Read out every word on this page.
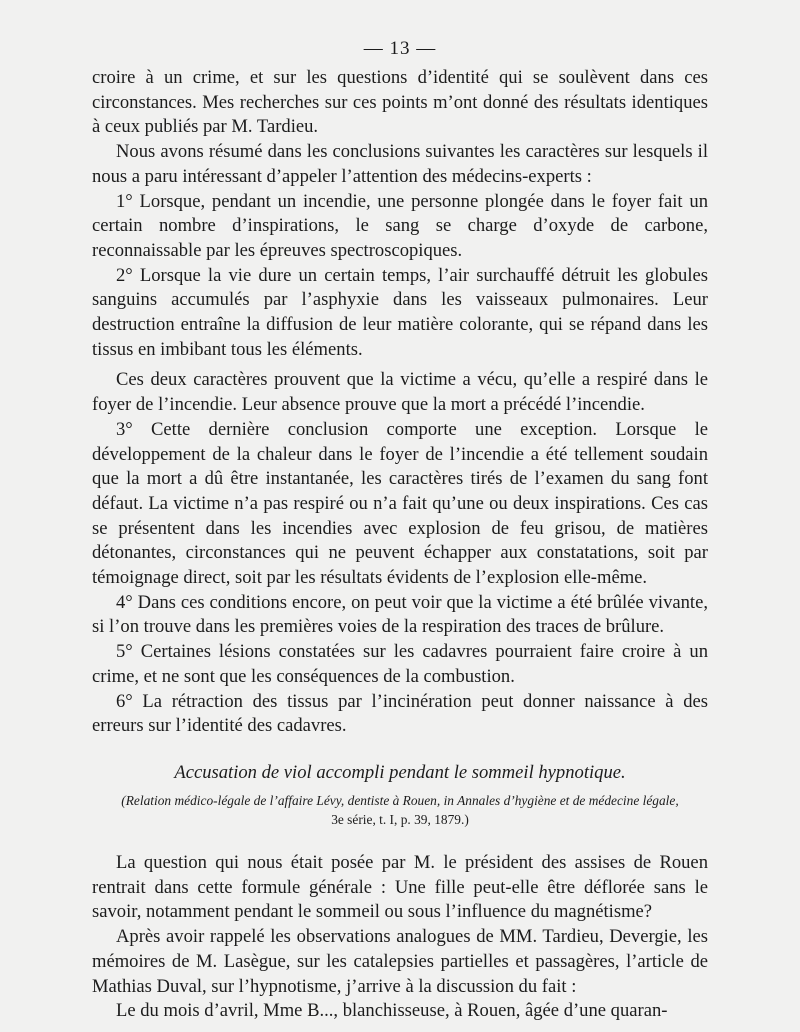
— 13 —

croire à un crime, et sur les questions d’identité qui se soulèvent dans ces circonstances. Mes recherches sur ces points m’ont donné des résultats identiques à ceux publiés par M. Tardieu.

Nous avons résumé dans les conclusions suivantes les caractères sur lesquels il nous a paru intéressant d’appeler l’attention des médecins-experts :

1° Lorsque, pendant un incendie, une personne plongée dans le foyer fait un certain nombre d’inspirations, le sang se charge d’oxyde de carbone, reconnaissable par les épreuves spectroscopiques.

2° Lorsque la vie dure un certain temps, l’air surchauffé détruit les globules sanguins accumulés par l’asphyxie dans les vaisseaux pulmonaires. Leur destruction entraîne la diffusion de leur matière colorante, qui se répand dans les tissus en imbibant tous les éléments.

Ces deux caractères prouvent que la victime a vécu, qu’elle a respiré dans le foyer de l’incendie. Leur absence prouve que la mort a précédé l’incendie.

3° Cette dernière conclusion comporte une exception. Lorsque le développement de la chaleur dans le foyer de l’incendie a été tellement soudain que la mort a dû être instantanée, les caractères tirés de l’examen du sang font défaut. La victime n’a pas respiré ou n’a fait qu’une ou deux inspirations. Ces cas se présentent dans les incendies avec explosion de feu grisou, de matières détonantes, circonstances qui ne peuvent échapper aux constatations, soit par témoignage direct, soit par les résultats évidents de l’explosion elle-même.

4° Dans ces conditions encore, on peut voir que la victime a été brûlée vivante, si l’on trouve dans les premières voies de la respiration des traces de brûlure.

5° Certaines lésions constatées sur les cadavres pourraient faire croire à un crime, et ne sont que les conséquences de la combustion.

6° La rétraction des tissus par l’incinération peut donner naissance à des erreurs sur l’identité des cadavres.

Accusation de viol accompli pendant le sommeil hypnotique.

(Relation médico-légale de l’affaire Lévy, dentiste à Rouen, in Annales d’hygiène et de médecine légale,

3e série, t. I, p. 39, 1879.)

La question qui nous était posée par M. le président des assises de Rouen rentrait dans cette formule générale : Une fille peut-elle être déflorée sans le savoir, notamment pendant le sommeil ou sous l’influence du magnétisme?

Après avoir rappelé les observations analogues de MM. Tardieu, Devergie, les mémoires de M. Lasègue, sur les catalepsies partielles et passagères, l’article de Mathias Duval, sur l’hypnotisme, j’arrive à la discussion du fait :

Le du mois d’avril, Mme B..., blanchisseuse, à Rouen, âgée d’une quaran-
